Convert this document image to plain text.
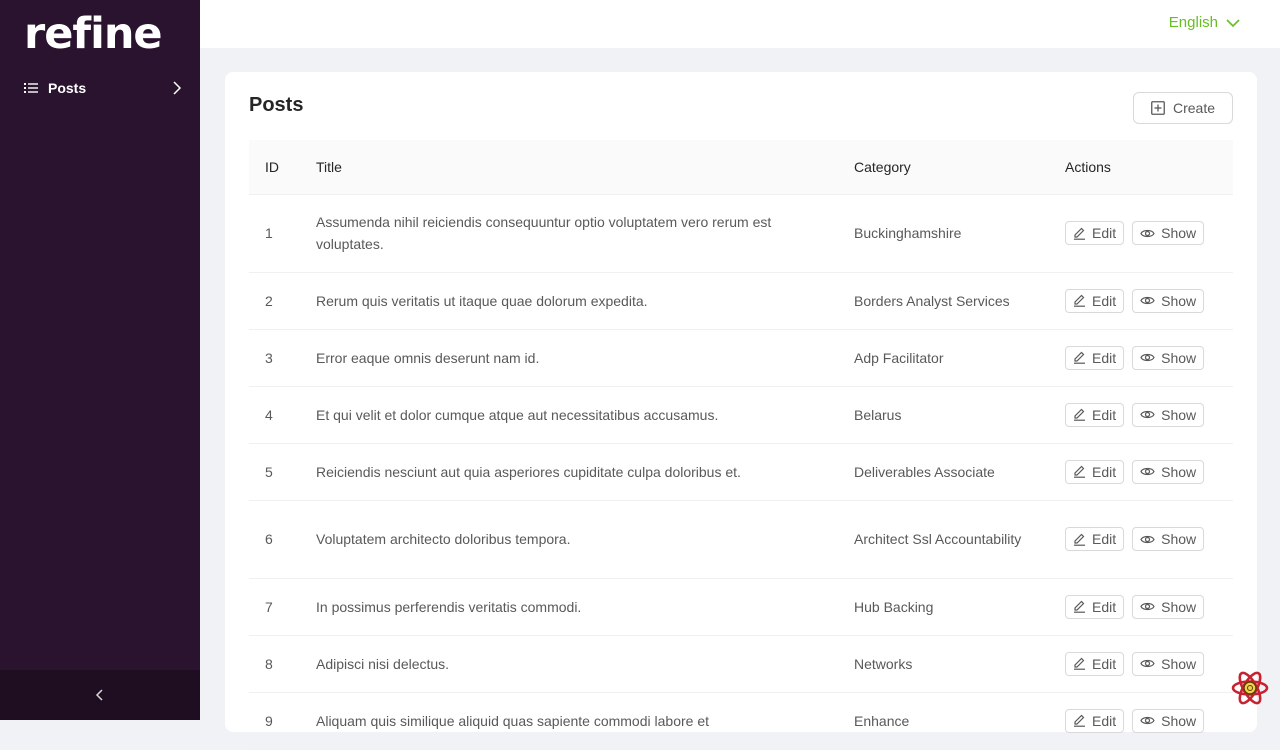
refine
Posts
English
Posts	Create
ID	Title	Category	Actions
1	Assumenda nihil reiciendis consequuntur optio voluptatem vero rerum est voluptates.	Buckinghamshire	Edit Show

2	Rerum quis veritatis ut itaque quae dolorum expedita.	Borders Analyst Services	Edit Show

3	Error eaque omnis deserunt nam id.	Adp Facilitator	Edit Show

4	Et qui velit et dolor cumque atque aut necessitatibus accusamus.	Belarus	Edit Show

5	Reiciendis nesciunt aut quia asperiores cupiditate culpa doloribus et.	Deliverables Associate	Edit Show

6	Voluptatem architecto doloribus tempora.	Architect Ssl Accountability	Edit Show

7	In possimus perferendis veritatis commodi.	Hub Backing	Edit Show

8	Adipisci nisi delectus.	Networks	Edit Show

9	Aliquam quis similique aliquid quas sapiente commodi labore et	Enhance	Edit Show
